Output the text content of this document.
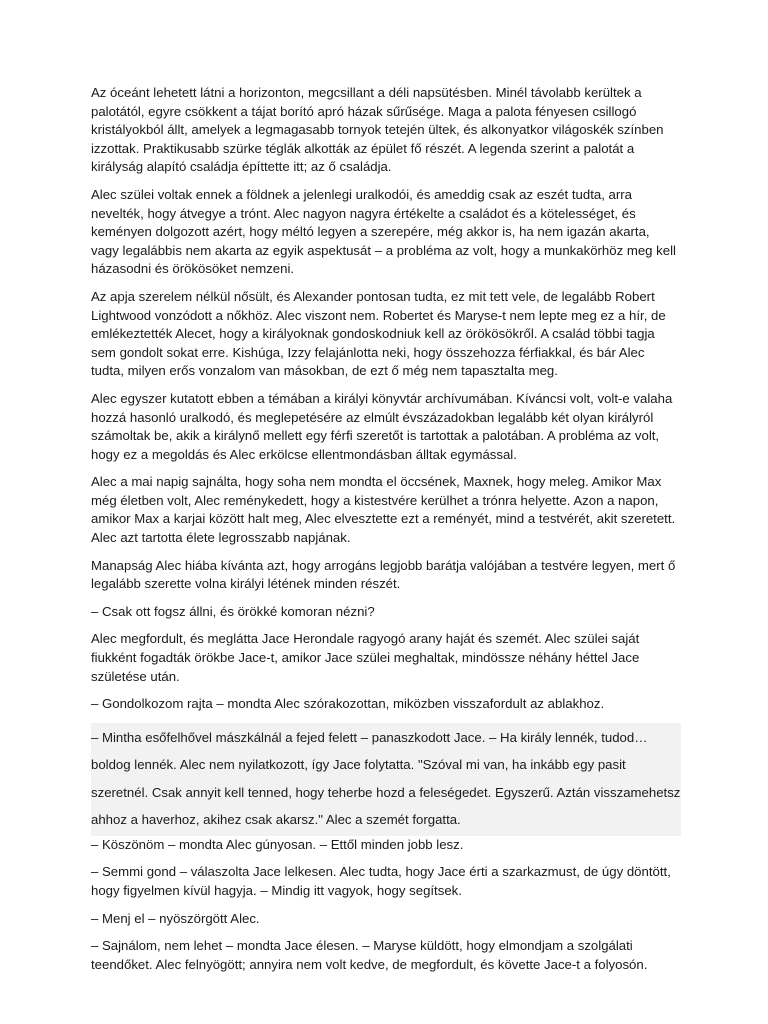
Az óceánt lehetett látni a horizonton, megcsillant a déli napsütésben. Minél távolabb kerültek a palotától, egyre csökkent a tájat borító apró házak sűrűsége. Maga a palota fényesen csillogó kristályokból állt, amelyek a legmagasabb tornyok tetején ültek, és alkonyatkor világoskék színben izzottak. Praktikusabb szürke téglák alkották az épület fő részét. A legenda szerint a palotát a királyság alapító családja építtette itt; az ő családja.

Alec szülei voltak ennek a földnek a jelenlegi uralkodói, és ameddig csak az eszét tudta, arra nevelték, hogy átvegye a trónt. Alec nagyon nagyra értékelte a családot és a kötelességet, és keményen dolgozott azért, hogy méltó legyen a szerepére, még akkor is, ha nem igazán akarta, vagy legalábbis nem akarta az egyik aspektusát – a probléma az volt, hogy a munkakörhöz meg kell házasodni és örökösöket nemzeni.

Az apja szerelem nélkül nősült, és Alexander pontosan tudta, ez mit tett vele, de legalább Robert Lightwood vonzódott a nőkhöz. Alec viszont nem. Robertet és Maryse-t nem lepte meg ez a hír, de emlékeztették Alecet, hogy a királyoknak gondoskodniuk kell az örökösökről. A család többi tagja sem gondolt sokat erre. Kishúga, Izzy felajánlotta neki, hogy összehozza férfiakkal, és bár Alec tudta, milyen erős vonzalom van másokban, de ezt ő még nem tapasztalta meg.

Alec egyszer kutatott ebben a témában a királyi könyvtár archívumában. Kíváncsi volt, volt-e valaha hozzá hasonló uralkodó, és meglepetésére az elmúlt évszázadokban legalább két olyan királyról számoltak be, akik a királynő mellett egy férfi szeretőt is tartottak a palotában. A probléma az volt, hogy ez a megoldás és Alec erkölcse ellentmondásban álltak egymással.

Alec a mai napig sajnálta, hogy soha nem mondta el öccsének, Maxnek, hogy meleg. Amikor Max még életben volt, Alec reménykedett, hogy a kistestvére kerülhet a trónra helyette. Azon a napon, amikor Max a karjai között halt meg, Alec elvesztette ezt a reményét, mind a testvérét, akit szeretett. Alec azt tartotta élete legrosszabb napjának.

Manapság Alec hiába kívánta azt, hogy arrogáns legjobb barátja valójában a testvére legyen, mert ő legalább szerette volna királyi létének minden részét.

– Csak ott fogsz állni, és örökké komoran nézni?

Alec megfordult, és meglátta Jace Herondale ragyogó arany haját és szemét. Alec szülei saját fiukként fogadták örökbe Jace-t, amikor Jace szülei meghaltak, mindössze néhány héttel Jace születése után.

– Gondolkozom rajta – mondta Alec szórakozottan, miközben visszafordult az ablakhoz.

– Mintha esőfelhővel mászkálnál a fejed felett – panaszkodott Jace. – Ha király lennék, tudod… boldog lennék. Alec nem nyilatkozott, így Jace folytatta. "Szóval mi van, ha inkább egy pasit szeretnél. Csak annyit kell tenned, hogy teherbe hozd a feleségedet. Egyszerű. Aztán visszamehetsz ahhoz a haverhoz, akihez csak akarsz." Alec a szemét forgatta.

– Köszönöm – mondta Alec gúnyosan. – Ettől minden jobb lesz.

– Semmi gond – válaszolta Jace lelkesen. Alec tudta, hogy Jace érti a szarkazmust, de úgy döntött, hogy figyelmen kívül hagyja. – Mindig itt vagyok, hogy segítsek.

– Menj el – nyöszörgött Alec.

– Sajnálom, nem lehet – mondta Jace élesen. – Maryse küldött, hogy elmondjam a szolgálati teendőket. Alec felnyögött; annyira nem volt kedve, de megfordult, és követte Jace-t a folyosón.
